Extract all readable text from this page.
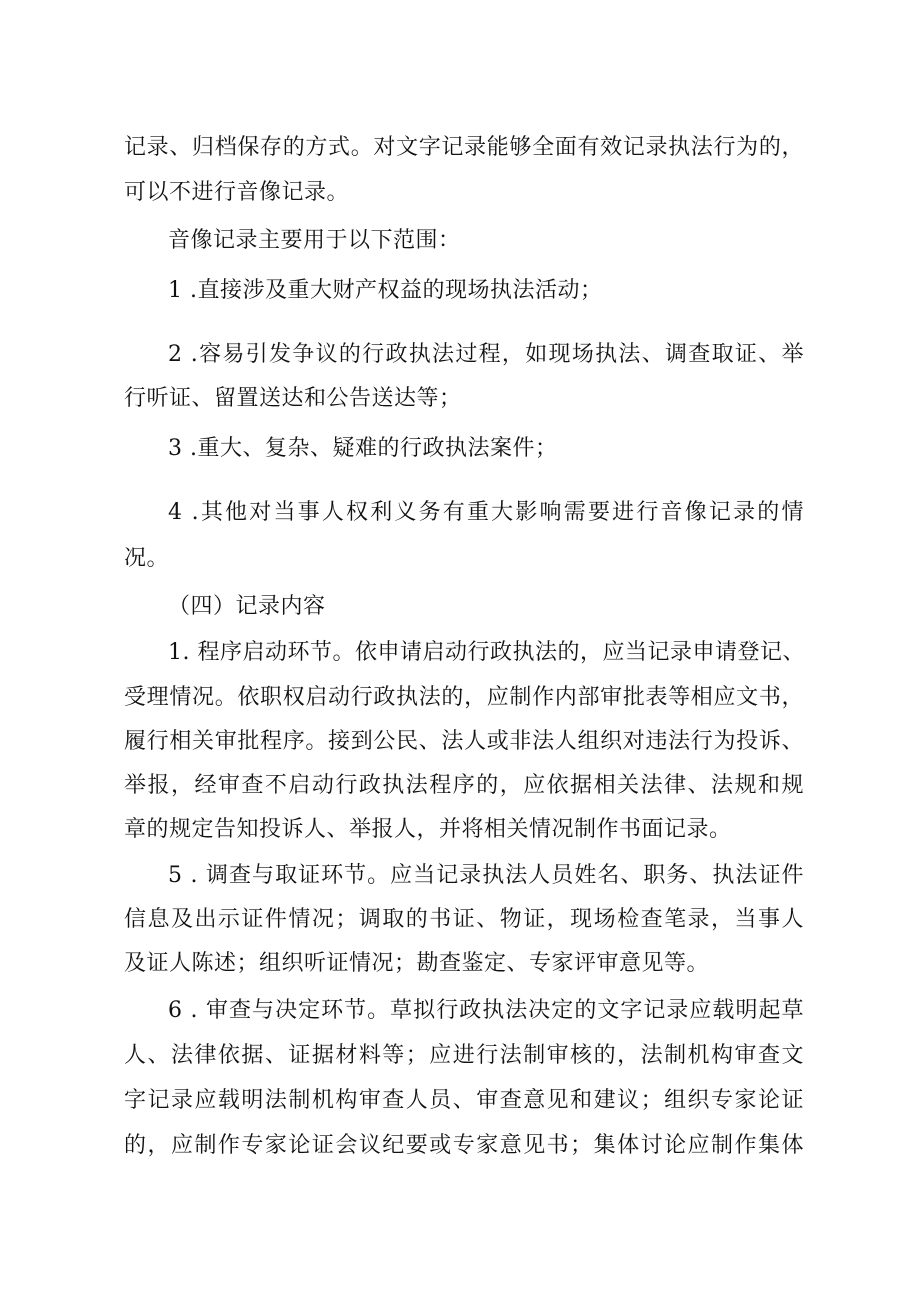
记录、归档保存的方式。对文字记录能够全面有效记录执法行为的，
可以不进行音像记录。
音像记录主要用于以下范围：
1 .直接涉及重大财产权益的现场执法活动；
2 .容易引发争议的行政执法过程，如现场执法、调查取证、举
行听证、留置送达和公告送达等；
3 .重大、复杂、疑难的行政执法案件；
4 .其他对当事人权利义务有重大影响需要进行音像记录的情
况。
（四）记录内容
1. 程序启动环节。依申请启动行政执法的，应当记录申请登记、
受理情况。依职权启动行政执法的，应制作内部审批表等相应文书，
履行相关审批程序。接到公民、法人或非法人组织对违法行为投诉、
举报，经审查不启动行政执法程序的，应依据相关法律、法规和规
章的规定告知投诉人、举报人，并将相关情况制作书面记录。
5 . 调查与取证环节。应当记录执法人员姓名、职务、执法证件
信息及出示证件情况；调取的书证、物证，现场检查笔录，当事人
及证人陈述；组织听证情况；勘查鉴定、专家评审意见等。
6 . 审查与决定环节。草拟行政执法决定的文字记录应载明起草
人、法律依据、证据材料等；应进行法制审核的，法制机构审查文
字记录应载明法制机构审查人员、审查意见和建议；组织专家论证
的，应制作专家论证会议纪要或专家意见书；集体讨论应制作集体
